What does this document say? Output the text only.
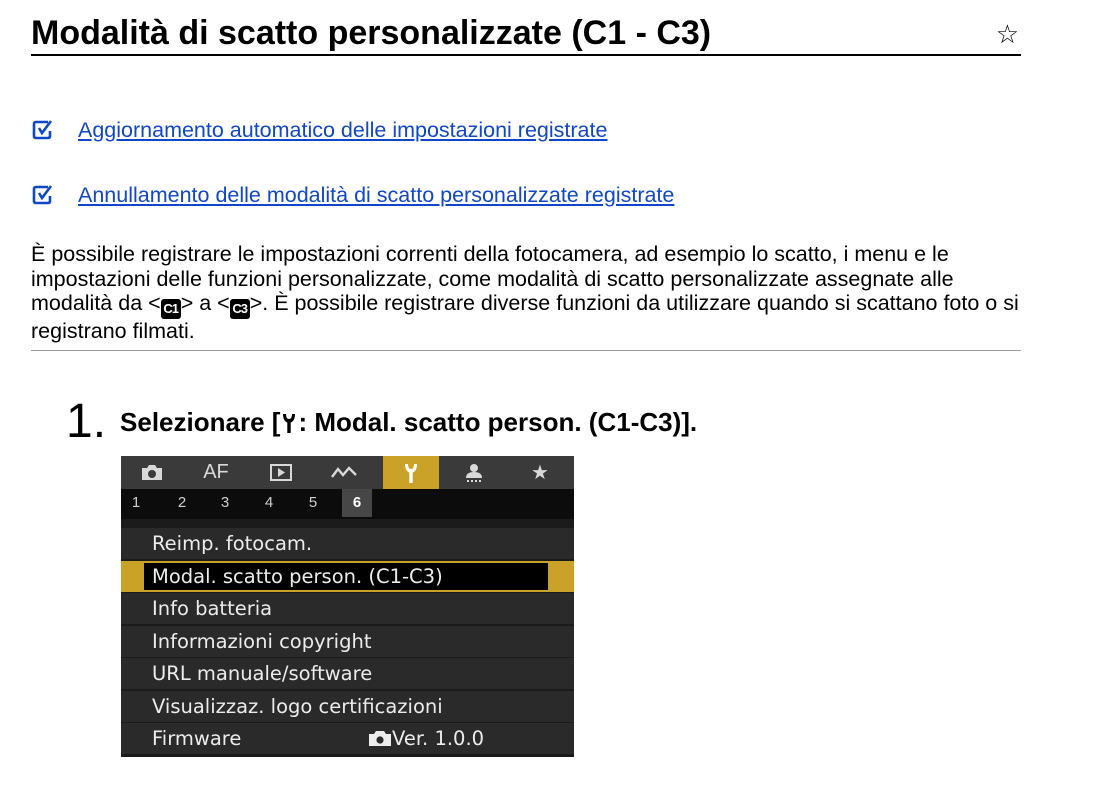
Modalità di scatto personalizzate (C1 - C3)	☆
Aggiornamento automatico delle impostazioni registrate
Annullamento delle modalità di scatto personalizzate registrate
È possibile registrare le impostazioni correnti della fotocamera, ad esempio lo scatto, i menu e le impostazioni delle funzioni personalizzate, come modalità di scatto personalizzate assegnate alle modalità da < C1 > a < C3 >. È possibile registrare diverse funzioni da utilizzare quando si scattano foto o si registrano filmati.
1. Selezionare [ : Modal. scatto person. (C1-C3)].
AF	★
1	2	3	4	5	6
Reimp. fotocam.
Modal. scatto person. (C1-C3)
Info batteria
Informazioni copyright
URL manuale/software
Visualizzaz. logo certificazioni
Firmware	Ver. 1.0.0
